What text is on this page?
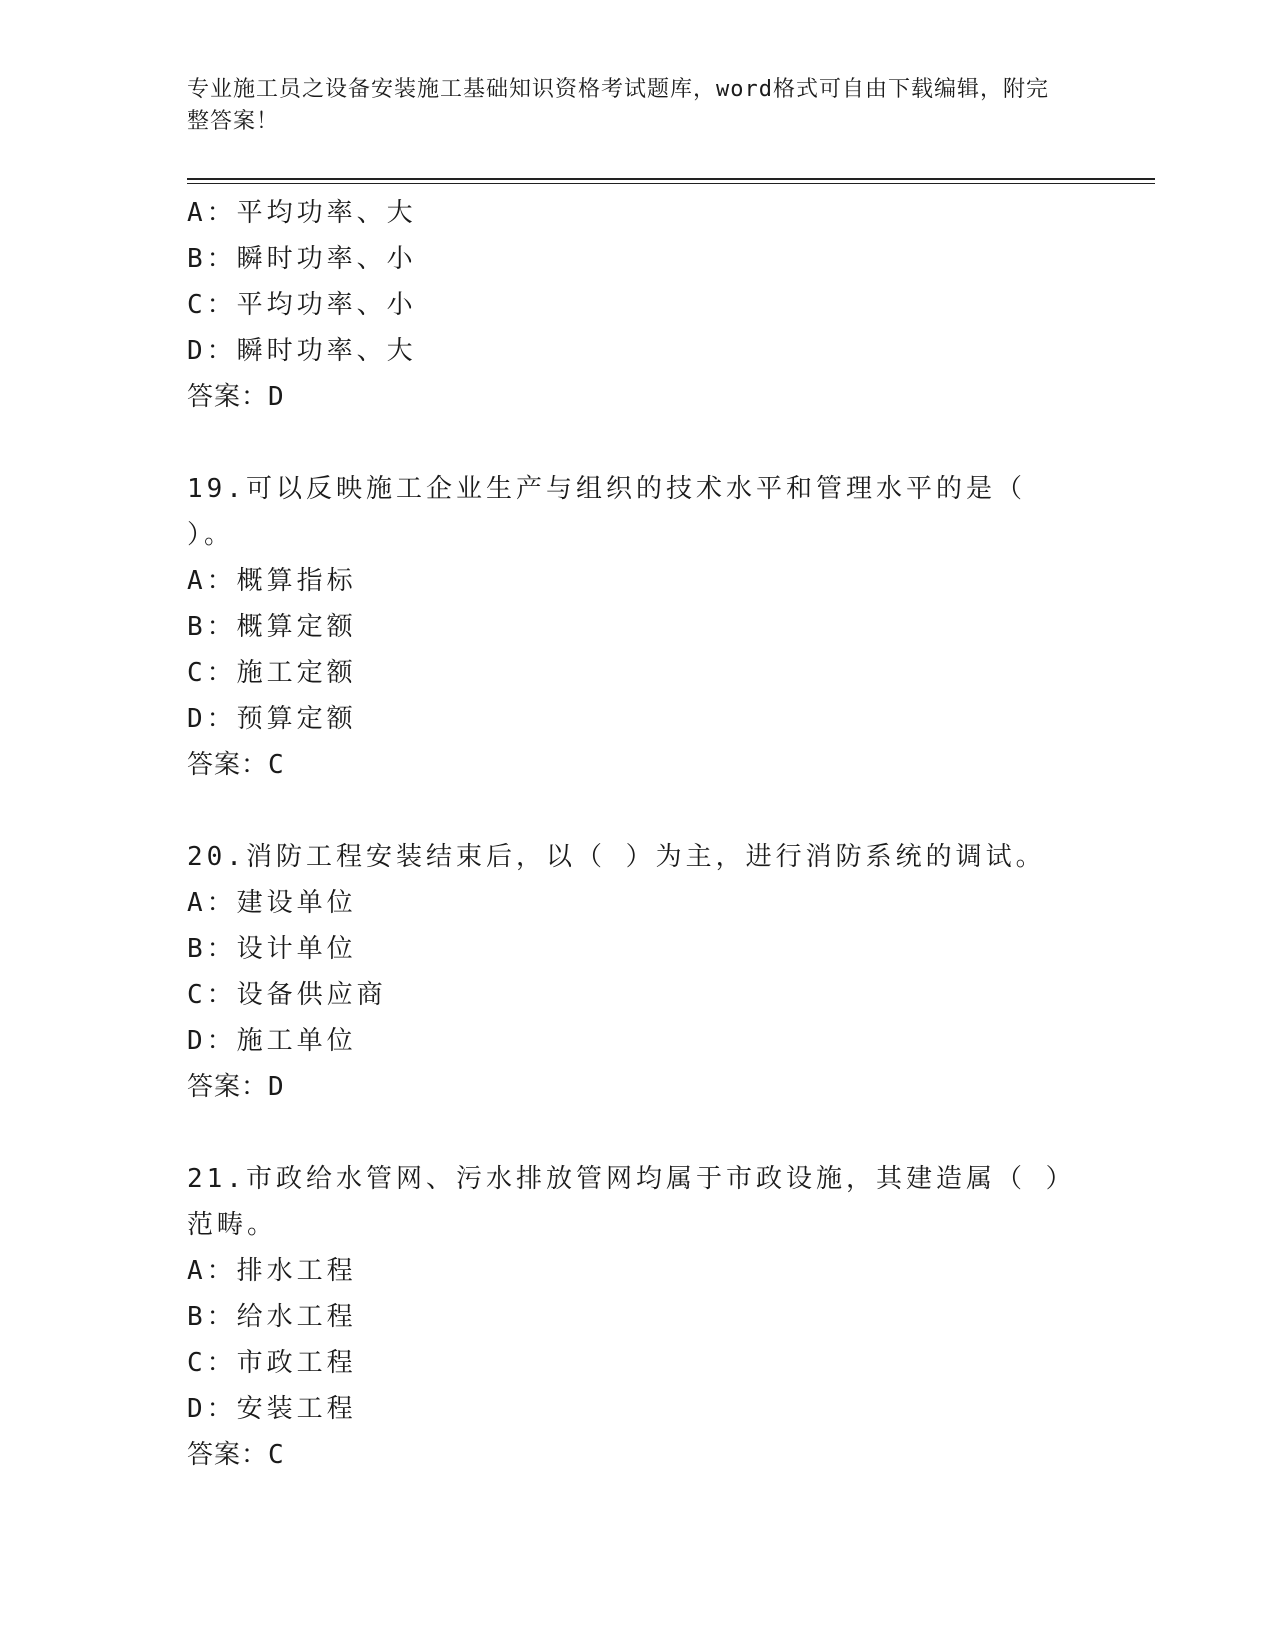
专业施工员之设备安装施工基础知识资格考试题库，word格式可自由下载编辑，附完整答案！
A：平均功率、大
B：瞬时功率、小
C：平均功率、小
D：瞬时功率、大
答案：D
19.可以反映施工企业生产与组织的技术水平和管理水平的是（ ）。
A：概算指标
B：概算定额
C：施工定额
D：预算定额
答案：C
20.消防工程安装结束后，以（ ）为主，进行消防系统的调试。
A：建设单位
B：设计单位
C：设备供应商
D：施工单位
答案：D
21.市政给水管网、污水排放管网均属于市政设施，其建造属（ ）范畴。
A：排水工程
B：给水工程
C：市政工程
D：安装工程
答案：C
